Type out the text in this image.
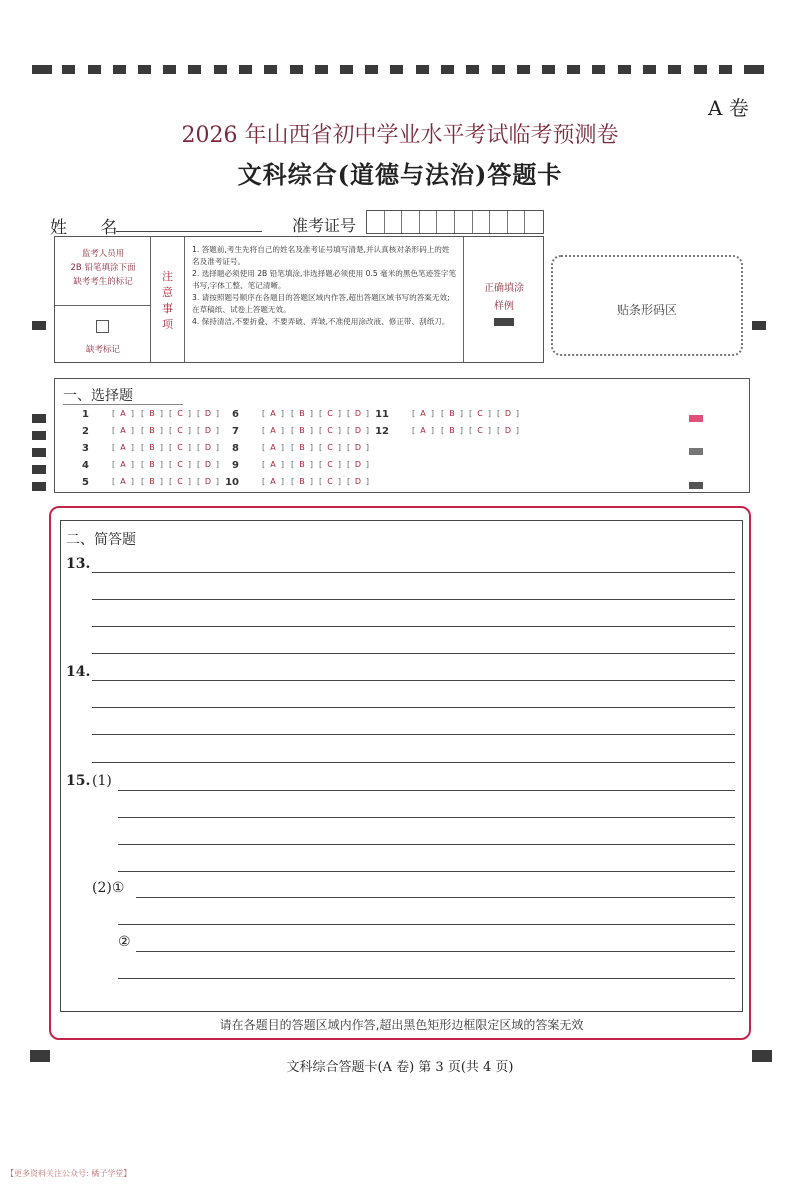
A 卷
2026 年山西省初中学业水平考试临考预测卷
文科综合(道德与法治)答题卡
姓 名	准考证号
监考人员用
2B 铅笔填涂下面
缺考考生的标记
缺考标记
注
意
事
项

1. 答题前,考生先将自己的姓名及准考证号填写清楚,并认真核对条形码上的姓名及准考证号。

2. 选择题必须使用 2B 铅笔填涂,非选择题必须使用 0.5 毫米的黑色笔迹签字笔书写,字体工整、笔记清晰。

3. 请按照题号顺序在各题目的答题区域内作答,超出答题区域书写的答案无效;在草稿纸、试卷上答题无效。

4. 保持清洁,不要折叠、不要弄破、弄皱,不准使用涂改液、修正带、刮纸刀。

正确填涂
样例	贴条形码区
一、选择题
1	[ A ]	[ B ]	[ C ]	[ D ]
2	[ A ]	[ B ]	[ C ]	[ D ]
3	[ A ]	[ B ]	[ C ]	[ D ]
4	[ A ]	[ B ]	[ C ]	[ D ]
5	[ A ]	[ B ]	[ C ]	[ D ]
6	[ A ]	[ B ]	[ C ]	[ D ]
7	[ A ]	[ B ]	[ C ]	[ D ]
8	[ A ]	[ B ]	[ C ]	[ D ]
9	[ A ]	[ B ]	[ C ]	[ D ]
10	[ A ]	[ B ]	[ C ]	[ D ]
11	[ A ]	[ B ]	[ C ]	[ D ]
12	[ A ]	[ B ]	[ C ]	[ D ]
二、简答题
13.
14.
15. (1)
(2)①
②
请在各题目的答题区域内作答,超出黑色矩形边框限定区域的答案无效
文科综合答题卡(A 卷) 第 3 页(共 4 页)
【更多资料关注公众号: 橘子学堂】
